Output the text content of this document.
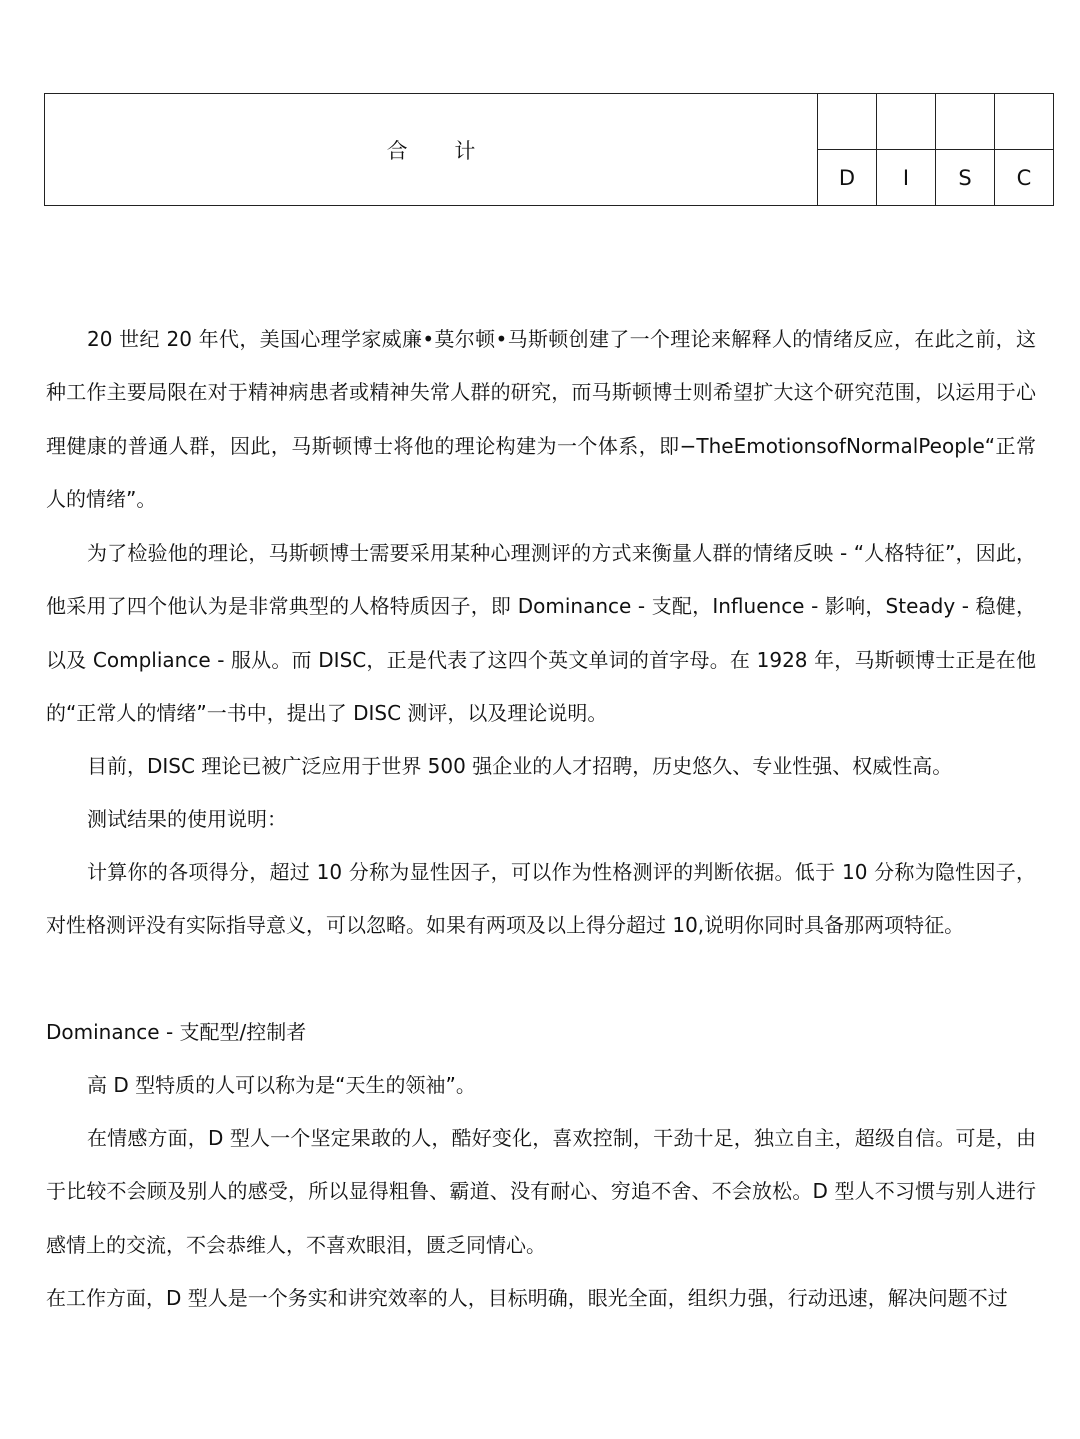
合 计				
	D	I	S	C

20 世纪 20 年代，美国心理学家威廉•莫尔顿•马斯顿创建了一个理论来解释人的情绪反应，在此之前，这种工作主要局限在对于精神病患者或精神失常人群的研究，而马斯顿博士则希望扩大这个研究范围，以运用于心理健康的普通人群，因此，马斯顿博士将他的理论构建为一个体系，即−TheEmotionsofNormalPeople“正常人的情绪”。

为了检验他的理论，马斯顿博士需要采用某种心理测评的方式来衡量人群的情绪反映 - “人格特征”，因此，他采用了四个他认为是非常典型的人格特质因子，即 Dominance - 支配，Influence - 影响，Steady - 稳健，以及 Compliance - 服从。而 DISC，正是代表了这四个英文单词的首字母。在 1928 年，马斯顿博士正是在他的“正常人的情绪”一书中，提出了 DISC 测评，以及理论说明。

目前，DISC 理论已被广泛应用于世界 500 强企业的人才招聘，历史悠久、专业性强、权威性高。

测试结果的使用说明：

计算你的各项得分，超过 10 分称为显性因子，可以作为性格测评的判断依据。低于 10 分称为隐性因子，对性格测评没有实际指导意义，可以忽略。如果有两项及以上得分超过 10,说明你同时具备那两项特征。

Dominance - 支配型/控制者

高 D 型特质的人可以称为是“天生的领袖”。

在情感方面，D 型人一个坚定果敢的人，酷好变化，喜欢控制，干劲十足，独立自主，超级自信。可是，由于比较不会顾及别人的感受，所以显得粗鲁、霸道、没有耐心、穷追不舍、不会放松。D 型人不习惯与别人进行感情上的交流，不会恭维人，不喜欢眼泪，匮乏同情心。

在工作方面，D 型人是一个务实和讲究效率的人，目标明确，眼光全面，组织力强，行动迅速，解决问题不过
